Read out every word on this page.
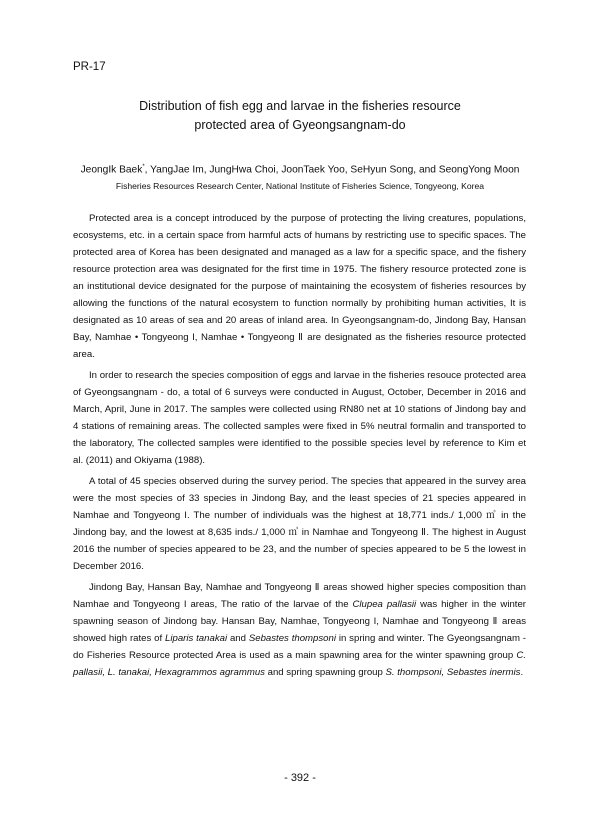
PR-17
Distribution of fish egg and larvae in the fisheries resource
protected area of Gyeongsangnam-do
JeongIk Baek*, YangJae Im, JungHwa Choi, JoonTaek Yoo, SeHyun Song, and SeongYong Moon
Fisheries Resources Research Center, National Institute of Fisheries Science, Tongyeong, Korea

Protected area is a concept introduced by the purpose of protecting the living creatures, populations, ecosystems, etc. in a certain space from harmful acts of humans by restricting use to specific spaces. The protected area of Korea has been designated and managed as a law for a specific space, and the fishery resource protection area was designated for the first time in 1975. The fishery resource protected zone is an institutional device designated for the purpose of maintaining the ecosystem of fisheries resources by allowing the functions of the natural ecosystem to function normally by prohibiting human activities, It is designated as 10 areas of sea and 20 areas of inland area. In Gyeongsangnam-do, Jindong Bay, Hansan Bay, Namhae • Tongyeong I, Namhae • Tongyeong Ⅱ are designated as the fisheries resource protected area.

In order to research the species composition of eggs and larvae in the fisheries resouce protected area of Gyeongsangnam - do, a total of 6 surveys were conducted in August, October, December in 2016 and March, April, June in 2017. The samples were collected using RN80 net at 10 stations of Jindong bay and 4 stations of remaining areas. The collected samples were fixed in 5% neutral formalin and transported to the laboratory, The collected samples were identified to the possible species level by reference to Kim et al. (2011) and Okiyama (1988).

A total of 45 species observed during the survey period. The species that appeared in the survey area were the most species of 33 species in Jindong Bay, and the least species of 21 species appeared in Namhae and Tongyeong I. The number of individuals was the highest at 18,771 inds./ 1,000 ㎥ in the Jindong bay, and the lowest at 8,635 inds./ 1,000 ㎥ in Namhae and Tongyeong Ⅱ. The highest in August 2016 the number of species appeared to be 23, and the number of species appeared to be 5 the lowest in December 2016.

Jindong Bay, Hansan Bay, Namhae and Tongyeong Ⅱ areas showed higher species composition than Namhae and Tongyeong I areas, The ratio of the larvae of the Clupea pallasii was higher in the winter spawning season of Jindong bay. Hansan Bay, Namhae, Tongyeong I, Namhae and Tongyeong Ⅱ areas showed high rates of Liparis tanakai and Sebastes thompsoni in spring and winter. The Gyeongsangnam - do Fisheries Resource protected Area is used as a main spawning area for the winter spawning group C. pallasii, L. tanakai, Hexagrammos agrammus and spring spawning group S. thompsoni, Sebastes inermis.

- 392 -
